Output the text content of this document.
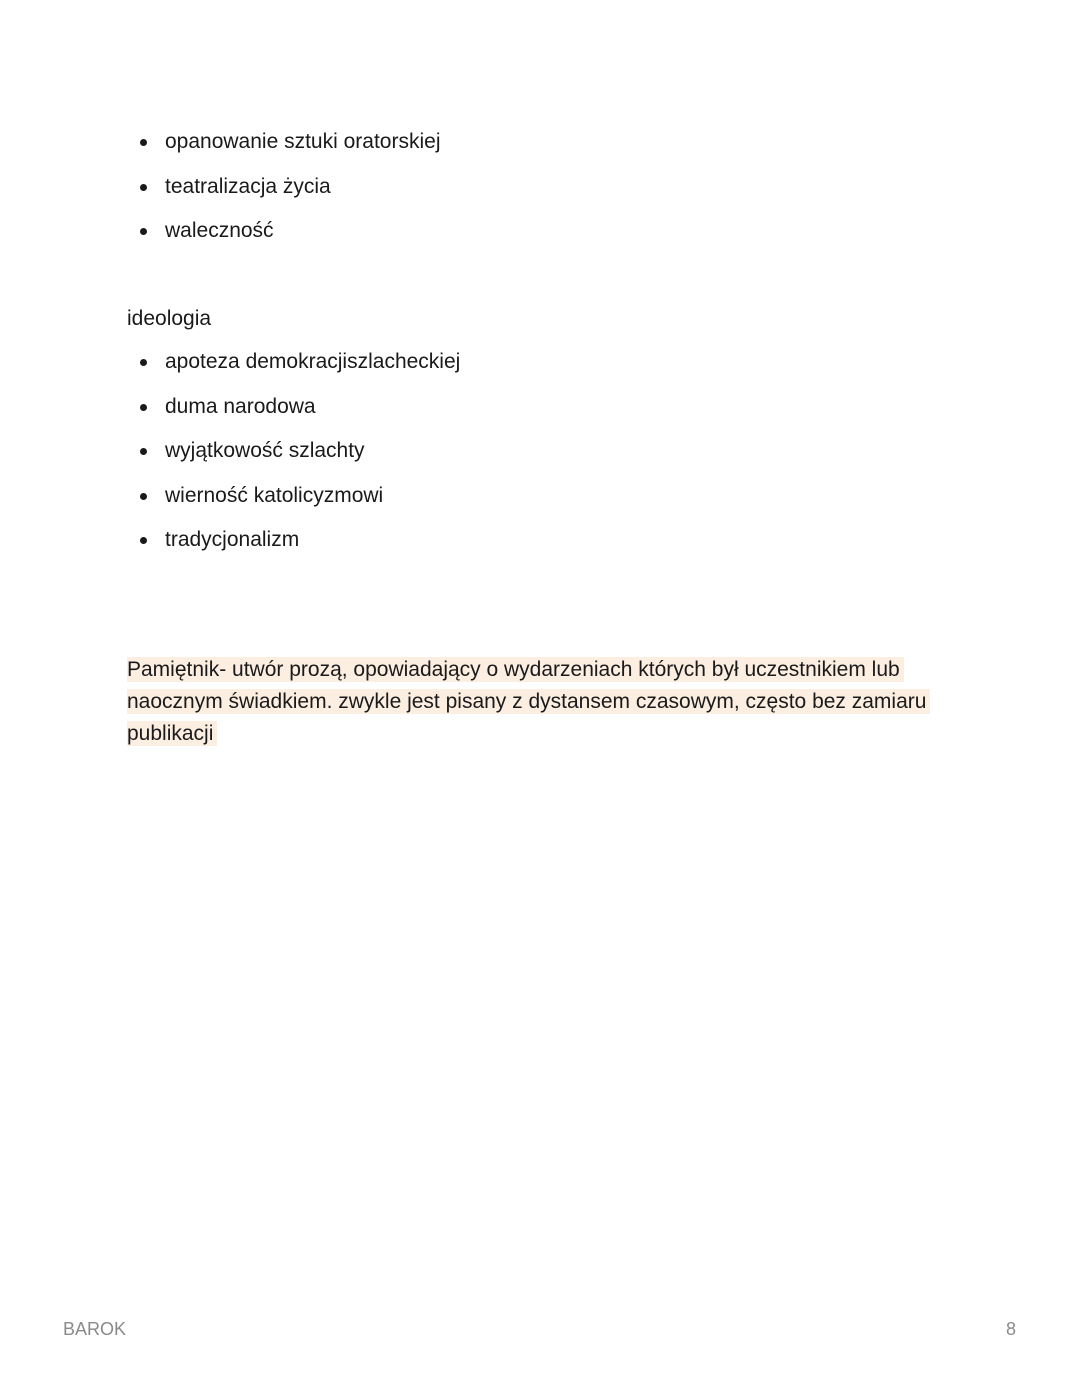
opanowanie sztuki oratorskiej
teatralizacja życia
waleczność
ideologia
apoteza demokracjiszlacheckiej
duma narodowa
wyjątkowość szlachty
wierność katolicyzmowi
tradycjonalizm

Pamiętnik- utwór prozą, opowiadający o wydarzeniach których był uczestnikiem lub naocznym świadkiem. zwykle jest pisany z dystansem czasowym, często bez zamiaru publikacji

BAROK	8
